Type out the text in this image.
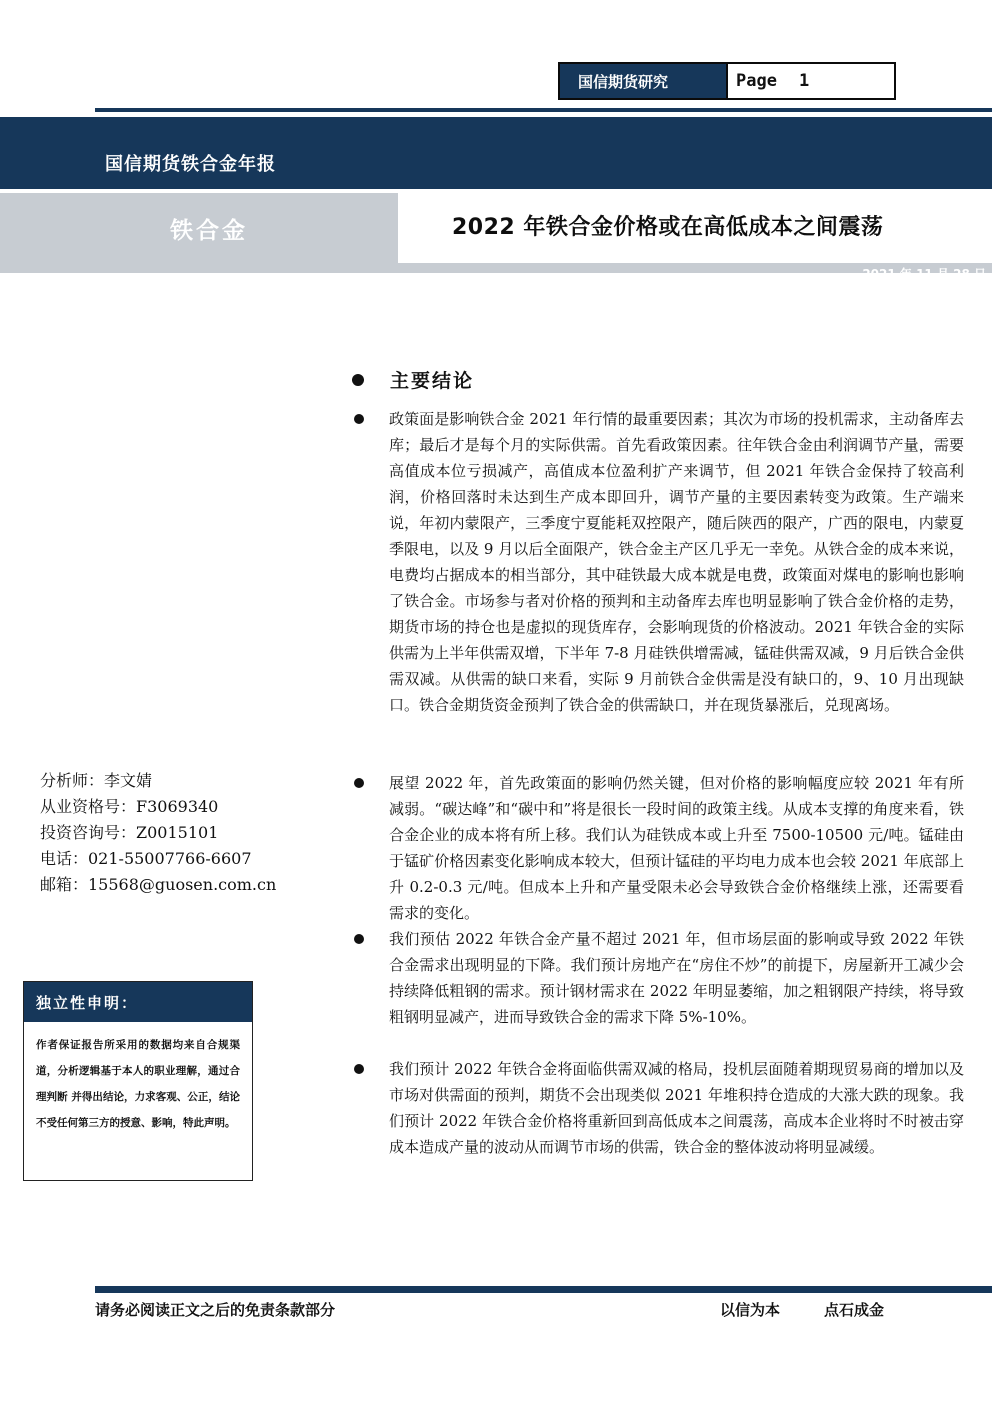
国信期货研究	Page 1
国信期货铁合金年报
铁合金	2022 年铁合金价格或在高低成本之间震荡
2021 年 11 月 28 日
主要结论
政策面是影响铁合金 2021 年行情的最重要因素；其次为市场的投机需求，主动备库去库；最后才是每个月的实际供需。首先看政策因素。往年铁合金由利润调节产量，需要高值成本位亏损减产，高值成本位盈利扩产来调节，但 2021 年铁合金保持了较高利润，价格回落时未达到生产成本即回升，调节产量的主要因素转变为政策。生产端来说，年初内蒙限产，三季度宁夏能耗双控限产，随后陕西的限产，广西的限电，内蒙夏季限电，以及 9 月以后全面限产，铁合金主产区几乎无一幸免。从铁合金的成本来说，电费均占据成本的相当部分，其中硅铁最大成本就是电费，政策面对煤电的影响也影响了铁合金。市场参与者对价格的预判和主动备库去库也明显影响了铁合金价格的走势，期货市场的持仓也是虚拟的现货库存，会影响现货的价格波动。2021 年铁合金的实际供需为上半年供需双增，下半年 7-8 月硅铁供增需减，锰硅供需双减，9 月后铁合金供需双减。从供需的缺口来看，实际 9 月前铁合金供需是没有缺口的，9、10 月出现缺口。铁合金期货资金预判了铁合金的供需缺口，并在现货暴涨后，兑现离场。
展望 2022 年，首先政策面的影响仍然关键，但对价格的影响幅度应较 2021 年有所减弱。“碳达峰”和“碳中和”将是很长一段时间的政策主线。从成本支撑的角度来看，铁合金企业的成本将有所上移。我们认为硅铁成本或上升至 7500-10500 元/吨。锰硅由于锰矿价格因素变化影响成本较大，但预计锰硅的平均电力成本也会较 2021 年底部上升 0.2-0.3 元/吨。但成本上升和产量受限未必会导致铁合金价格继续上涨，还需要看需求的变化。
我们预估 2022 年铁合金产量不超过 2021 年，但市场层面的影响或导致 2022 年铁合金需求出现明显的下降。我们预计房地产在“房住不炒”的前提下，房屋新开工减少会持续降低粗钢的需求。预计钢材需求在 2022 年明显萎缩，加之粗钢限产持续，将导致粗钢明显减产，进而导致铁合金的需求下降 5%-10%。
我们预计 2022 年铁合金将面临供需双减的格局，投机层面随着期现贸易商的增加以及市场对供需面的预判，期货不会出现类似 2021 年堆积持仓造成的大涨大跌的现象。我们预计 2022 年铁合金价格将重新回到高低成本之间震荡，高成本企业将时不时被击穿成本造成产量的波动从而调节市场的供需，铁合金的整体波动将明显减缓。
分析师：李文婧
从业资格号：F3069340
投资咨询号：Z0015101
电话：021-55007766-6607
邮箱：15568@guosen.com.cn
独立性申明：
作者保证报告所采用的数据均来自合规渠道，分析逻辑基于本人的职业理解，通过合理判断 并得出结论，力求客观、公正，结论不受任何第三方的授意、影响，特此声明。
请务必阅读正文之后的免责条款部分	以信为本	点石成金
